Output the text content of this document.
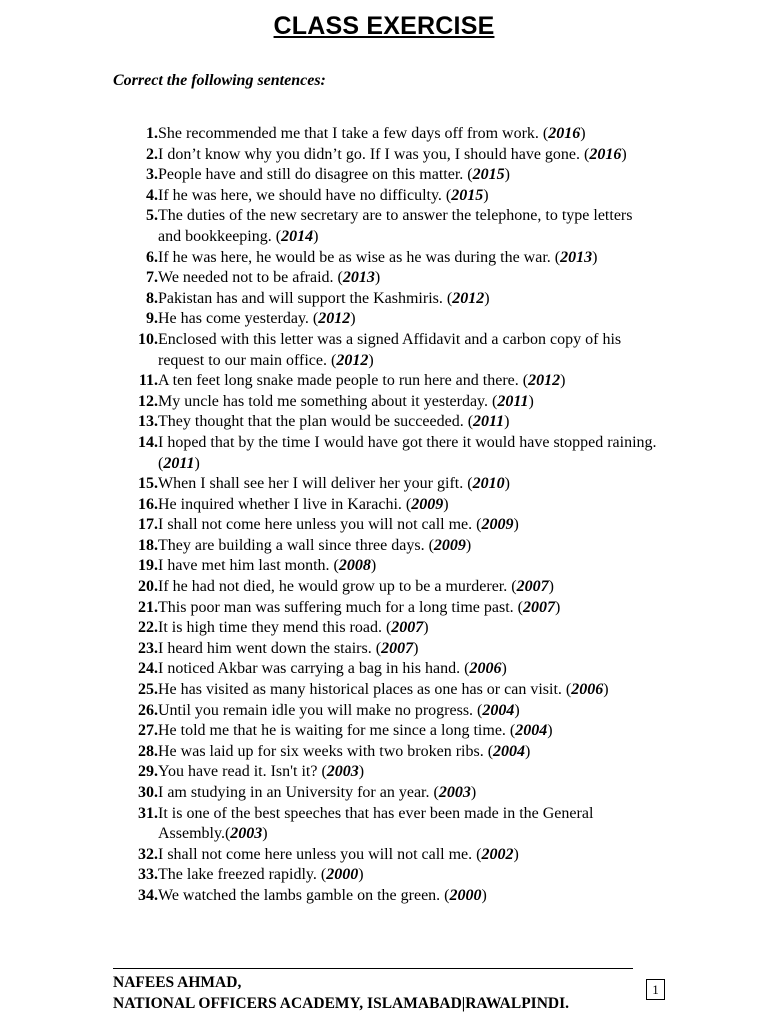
CLASS EXERCISE
Correct the following sentences:
1. She recommended me that I take a few days off from work. (2016)
2. I don’t know why you didn’t go. If I was you, I should have gone. (2016)
3. People have and still do disagree on this matter. (2015)
4. If he was here, we should have no difficulty. (2015)
5. The duties of the new secretary are to answer the telephone, to type letters and bookkeeping. (2014)
6. If he was here, he would be as wise as he was during the war. (2013)
7. We needed not to be afraid. (2013)
8. Pakistan has and will support the Kashmiris. (2012)
9. He has come yesterday. (2012)
10. Enclosed with this letter was a signed Affidavit and a carbon copy of his request to our main office. (2012)
11. A ten feet long snake made people to run here and there. (2012)
12. My uncle has told me something about it yesterday. (2011)
13. They thought that the plan would be succeeded. (2011)
14. I hoped that by the time I would have got there it would have stopped raining. (2011)
15. When I shall see her I will deliver her your gift. (2010)
16. He inquired whether I live in Karachi. (2009)
17. I shall not come here unless you will not call me. (2009)
18. They are building a wall since three days. (2009)
19. I have met him last month. (2008)
20. If he had not died, he would grow up to be a murderer. (2007)
21. This poor man was suffering much for a long time past. (2007)
22. It is high time they mend this road. (2007)
23. I heard him went down the stairs. (2007)
24. I noticed Akbar was carrying a bag in his hand. (2006)
25. He has visited as many historical places as one has or can visit. (2006)
26. Until you remain idle you will make no progress. (2004)
27. He told me that he is waiting for me since a long time. (2004)
28. He was laid up for six weeks with two broken ribs. (2004)
29. You have read it. Isn't it? (2003)
30. I am studying in an University for an year. (2003)
31. It is one of the best speeches that has ever been made in the General Assembly.(2003)
32. I shall not come here unless you will not call me. (2002)
33. The lake freezed rapidly. (2000)
34. We watched the lambs gamble on the green. (2000)
NAFEES AHMAD,
NATIONAL OFFICERS ACADEMY, ISLAMABAD|RAWALPINDI.
1
